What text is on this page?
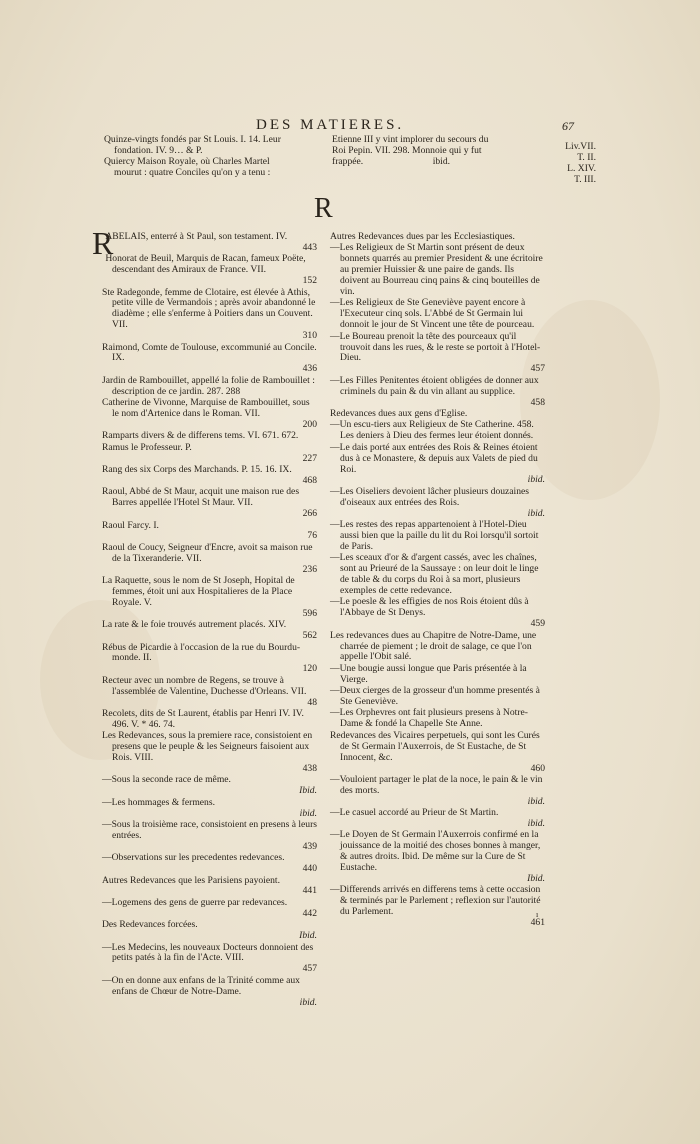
DES MATIERES.	67
Quinze-vingts fondés par St Louis. I. 14. Leur
fondation. IV. 9… & P.
Quiercy Maison Royale, où Charles Martel
mourut : quatre Conciles qu'on y a tenu :
Etienne III y vint implorer du secours du
Roi Pepin. VII. 298. Monnoie qui y fut
frappée.                             ibid.
Liv.VII.
T. II.
L. XIV.
T. III.
R
R
ABELAIS, enterré à St Paul, son testament. IV.
443
Honorat de Beuil, Marquis de Racan, fameux Poëte, descendant des Amiraux de France. VII.
152
Ste Radegonde, femme de Clotaire, est élevée à Athis, petite ville de Vermandois ; après avoir abandonné le diadème ; elle s'enferme à Poitiers dans un Couvent. VII.
310
Raimond, Comte de Toulouse, excommunié au Concile. IX.
436
Jardin de Rambouillet, appellé la folie de Rambouillet : description de ce jardin. 287. 288
Catherine de Vivonne, Marquise de Rambouillet, sous le nom d'Artenice dans le Roman. VII.
200
Ramparts divers & de differens tems. VI. 671. 672.
Ramus le Professeur. P.
227
Rang des six Corps des Marchands. P. 15. 16. IX.
468
Raoul, Abbé de St Maur, acquit une maison rue des Barres appellée l'Hotel St Maur. VII.
266
Raoul Farcy. I.
76
Raoul de Coucy, Seigneur d'Encre, avoit sa maison rue de la Tixeranderie. VII.
236
La Raquette, sous le nom de St Joseph, Hopital de femmes, étoit uni aux Hospitalieres de la Place Royale. V.
596
La rate & le foie trouvés autrement placés. XIV.
562
Rébus de Picardie à l'occasion de la rue du Bourdu-monde. II.
120
Recteur avec un nombre de Regens, se trouve à l'assemblée de Valentine, Duchesse d'Orleans. VII.
48
Recolets, dits de St Laurent, établis par Henri IV. IV. 496. V. * 46. 74.
Les Redevances, sous la premiere race, consistoient en presens que le peuple & les Seigneurs faisoient aux Rois. VIII.
438
—Sous la seconde race de même.
Ibid.
—Les hommages & fermens.
ibid.
—Sous la troisième race, consistoient en presens à leurs entrées.
439
—Observations sur les precedentes redevances.
440
Autres Redevances que les Parisiens payoient.
441
—Logemens des gens de guerre par redevances.
442
Des Redevances forcées.
Ibid.
—Les Medecins, les nouveaux Docteurs donnoient des petits patés à la fin de l'Acte. VIII.
457
—On en donne aux enfans de la Trinité comme aux enfans de Chœur de Notre-Dame.
ibid.
Autres Redevances dues par les Ecclesiastiques.
—Les Religieux de St Martin sont présent de deux bonnets quarrés au premier President & une écritoire au premier Huissier & une paire de gands. Ils doivent au Bourreau cinq pains & cinq bouteilles de vin.
—Les Religieux de Ste Geneviève payent encore à l'Executeur cinq sols. L'Abbé de St Germain lui donnoit le jour de St Vincent une tête de pourceau.
—Le Boureau prenoit la tête des pourceaux qu'il trouvoit dans les rues, & le reste se portoit à l'Hotel-Dieu.
457
—Les Filles Penitentes étoient obligées de donner aux criminels du pain & du vin allant au supplice.
458
Redevances dues aux gens d'Eglise.
—Un escu-tiers aux Religieux de Ste Catherine. 458. Les deniers à Dieu des fermes leur étoient donnés.
—Le dais porté aux entrées des Rois & Reines étoient dus à ce Monastere, & depuis aux Valets de pied du Roi.
ibid.
—Les Oiseliers devoient lâcher plusieurs douzaines d'oiseaux aux entrées des Rois.
ibid.
—Les restes des repas appartenoient à l'Hotel-Dieu aussi bien que la paille du lit du Roi lorsqu'il sortoit de Paris.
—Les sceaux d'or & d'argent cassés, avec les chaînes, sont au Prieuré de la Saussaye : on leur doit le linge de table & du corps du Roi à sa mort, plusieurs exemples de cette redevance.
—Le poesle & les effigies de nos Rois étoient dûs à l'Abbaye de St Denys.
459
Les redevances dues au Chapitre de Notre-Dame, une charrée de piement ; le droit de salage, ce que l'on appelle l'Obit salé.
—Une bougie aussi longue que Paris présentée à la Vierge.
—Deux cierges de la grosseur d'un homme presentés à Ste Geneviève.
—Les Orphevres ont fait plusieurs presens à Notre-Dame & fondé la Chapelle Ste Anne.
Redevances des Vicaires perpetuels, qui sont les Curés de St Germain l'Auxerrois, de St Eustache, de St Innocent, &c.
460
—Vouloient partager le plat de la noce, le pain & le vin des morts.
ibid.
—Le casuel accordé au Prieur de St Martin.
ibid.
—Le Doyen de St Germain l'Auxerrois confirmé en la jouissance de la moitié des choses bonnes à manger, & autres droits. Ibid. De même sur la Cure de St Eustache.
Ibid.
—Differends arrivés en differens tems à cette occasion & terminés par le Parlement ; reflexion sur l'autorité du Parlement.
461
ı
